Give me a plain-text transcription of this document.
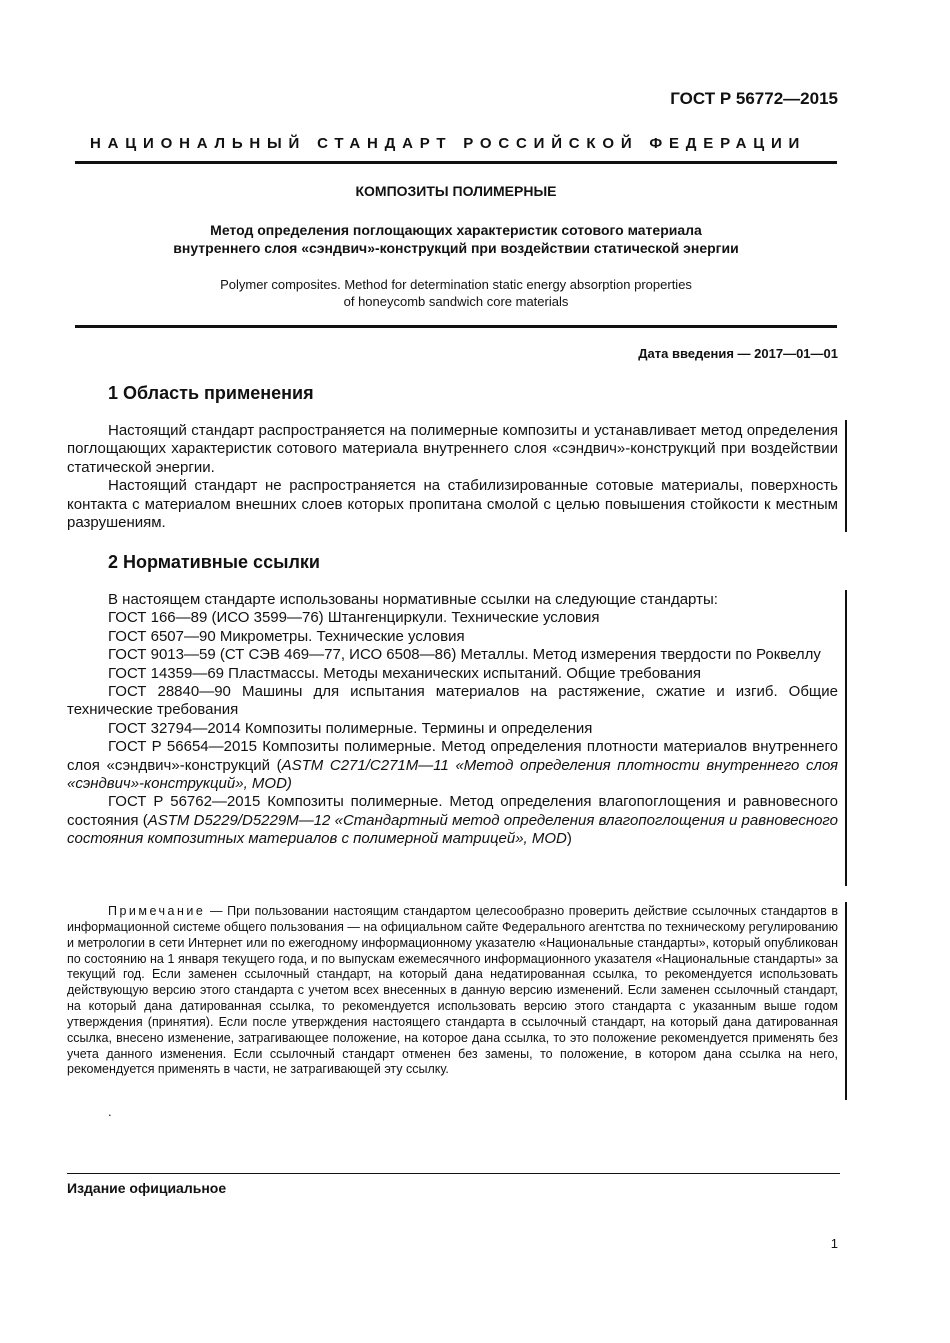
ГОСТ Р 56772—2015
НАЦИОНАЛЬНЫЙ СТАНДАРТ РОССИЙСКОЙ ФЕДЕРАЦИИ
КОМПОЗИТЫ ПОЛИМЕРНЫЕ
Метод определения поглощающих характеристик сотового материала
внутреннего слоя «сэндвич»-конструкций при воздействии статической энергии
Polymer composites. Method for determination static energy absorption properties
of honeycomb sandwich core materials
Дата введения — 2017—01—01
1 Область применения

Настоящий стандарт распространяется на полимерные композиты и устанавливает метод определения поглощающих характеристик сотового материала внутреннего слоя «сэндвич»-конструкций при воздействии статической энергии.

Настоящий стандарт не распространяется на стабилизированные сотовые материалы, поверхность контакта с материалом внешних слоев которых пропитана смолой с целью повышения стойкости к местным разрушениям.

2 Нормативные ссылки

В настоящем стандарте использованы нормативные ссылки на следующие стандарты:

ГОСТ 166—89 (ИСО 3599—76) Штангенциркули. Технические условия

ГОСТ 6507—90 Микрометры. Технические условия

ГОСТ 9013—59 (СТ СЭВ 469—77, ИСО 6508—86) Металлы. Метод измерения твердости по Роквеллу

ГОСТ 14359—69 Пластмассы. Методы механических испытаний. Общие требования

ГОСТ 28840—90 Машины для испытания материалов на растяжение, сжатие и изгиб. Общие технические требования

ГОСТ 32794—2014 Композиты полимерные. Термины и определения

ГОСТ Р 56654—2015 Композиты полимерные. Метод определения плотности материалов внутреннего слоя «сэндвич»-конструкций (ASTM C271/C271M—11 «Метод определения плотности внутреннего слоя «сэндвич»-конструкций», MOD)

ГОСТ Р 56762—2015 Композиты полимерные. Метод определения влагопоглощения и равновесного состояния (ASTM D5229/D5229M—12 «Стандартный метод определения влагопоглощения и равновесного состояния композитных материалов с полимерной матрицей», MOD)

Примечание — При пользовании настоящим стандартом целесообразно проверить действие ссылочных стандартов в информационной системе общего пользования — на официальном сайте Федерального агентства по техническому регулированию и метрологии в сети Интернет или по ежегодному информационному указателю «Национальные стандарты», который опубликован по состоянию на 1 января текущего года, и по выпускам ежемесячного информационного указателя «Национальные стандарты» за текущий год. Если заменен ссылочный стандарт, на который дана недатированная ссылка, то рекомендуется использовать действующую версию этого стандарта с учетом всех внесенных в данную версию изменений. Если заменен ссылочный стандарт, на который дана датированная ссылка, то рекомендуется использовать версию этого стандарта с указанным выше годом утверждения (принятия). Если после утверждения настоящего стандарта в ссылочный стандарт, на который дана датированная ссылка, внесено изменение, затрагивающее положение, на которое дана ссылка, то это положение рекомендуется применять без учета данного изменения. Если ссылочный стандарт отменен без замены, то положение, в котором дана ссылка на него, рекомендуется применять в части, не затрагивающей эту ссылку.
.
Издание официальное
1
